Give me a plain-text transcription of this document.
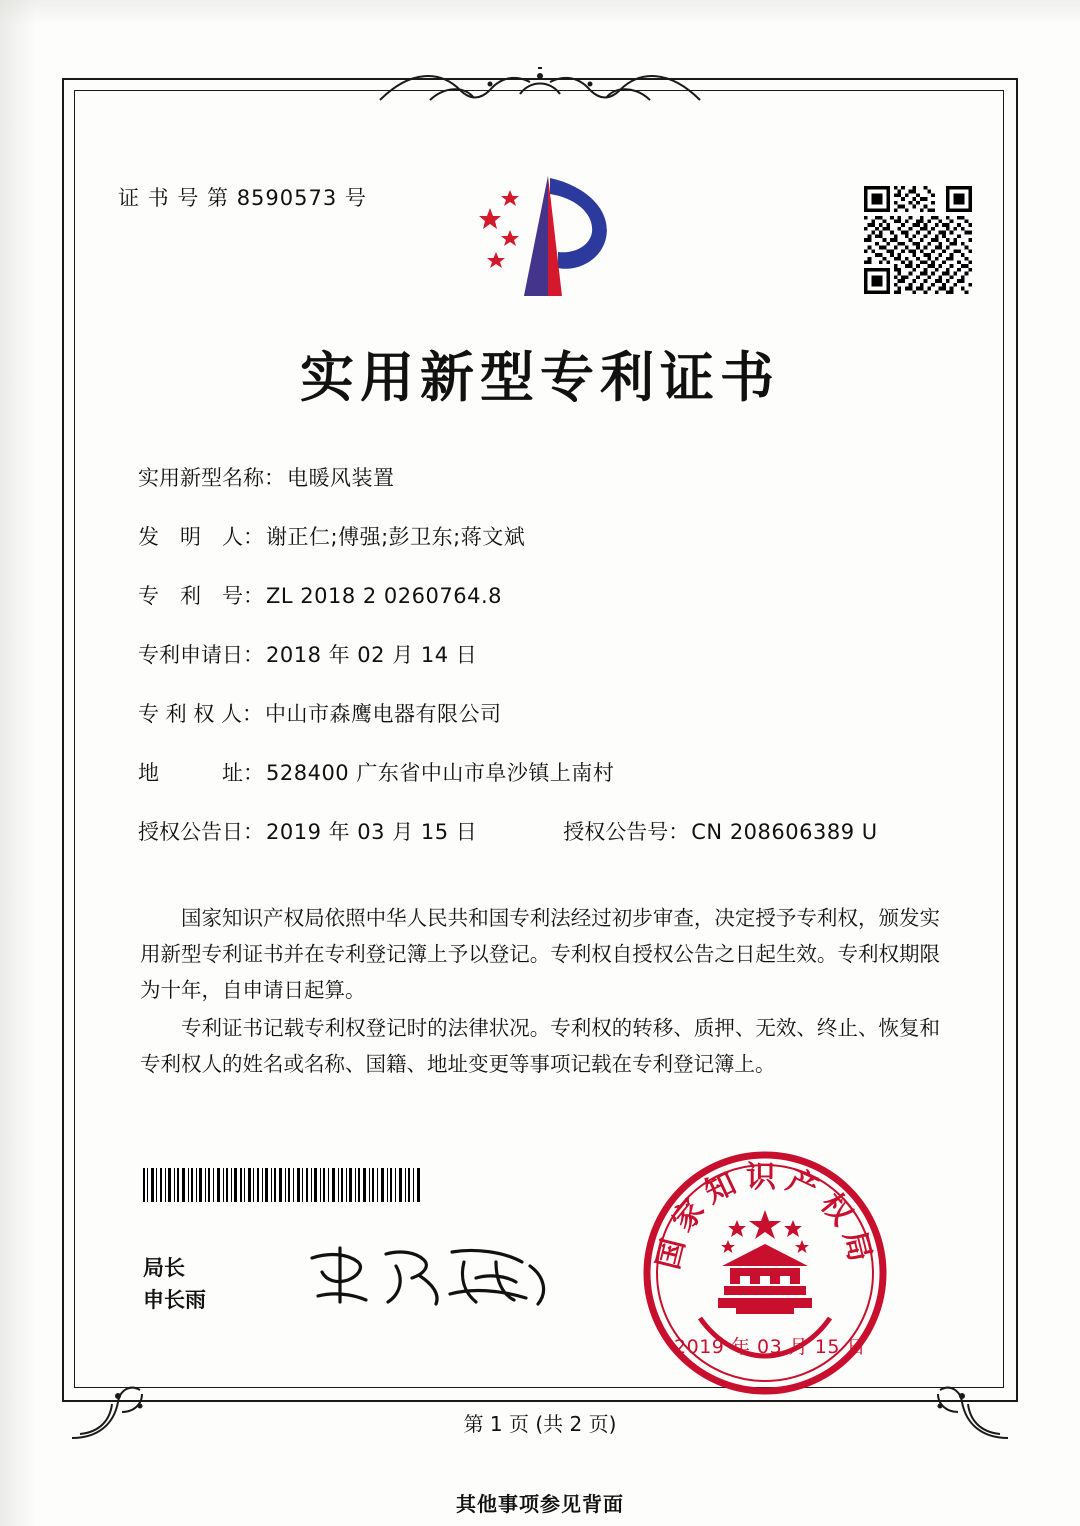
证 书 号 第 8590573 号
实用新型专利证书
实用新型名称： 电暖风装置
发　明　人： 谢正仁;傅强;彭卫东;蒋文斌
专　利　号： ZL 2018 2 0260764.8
专利申请日： 2018 年 02 月 14 日
专 利 权 人： 中山市森鹰电器有限公司
地　　　址： 528400 广东省中山市阜沙镇上南村
授权公告日： 2019 年 03 月 15 日	授权公告号： CN 208606389 U

国家知识产权局依照中华人民共和国专利法经过初步审查，决定授予专利权，颁发实用新型专利证书并在专利登记簿上予以登记。专利权自授权公告之日起生效。专利权期限为十年，自申请日起算。

专利证书记载专利权登记时的法律状况。专利权的转移、质押、无效、终止、恢复和专利权人的姓名或名称、国籍、地址变更等事项记载在专利登记簿上。

局长
申长雨
国家知识产权局
2019 年 03 月 15 日
第 1 页 (共 2 页)
其他事项参见背面
